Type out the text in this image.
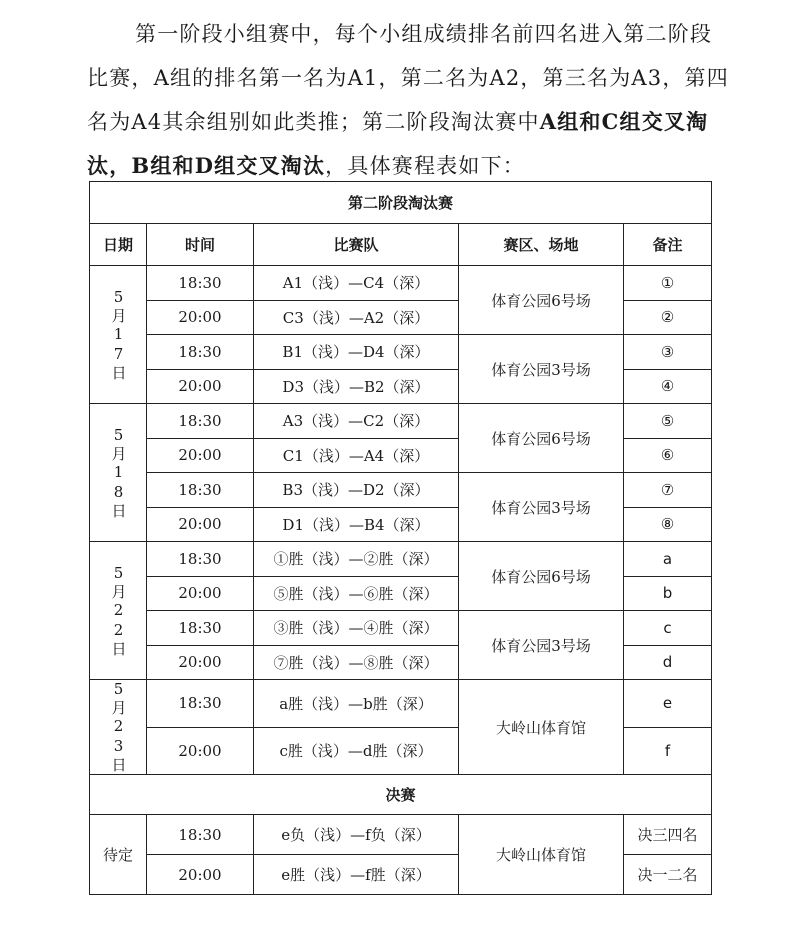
第一阶段小组赛中，每个小组成绩排名前四名进入第二阶段
比赛，A组的排名第一名为A1，第二名为A2，第三名为A3，第四
名为A4其余组别如此类推；第二阶段淘汰赛中A组和C组交叉淘
汰，B组和D组交叉淘汰，具体赛程表如下：
第二阶段淘汰赛				
日期	时间	比赛队	赛区、场地	备注

5月17日	18:30	A1（浅）—C4（深）	体育公园6号场	①
	20:00	C3（浅）—A2（深）		②
	18:30	B1（浅）—D4（深）	体育公园3号场	③
	20:00	D3（浅）—B2（深）		④

5月18日	18:30	A3（浅）—C2（深）	体育公园6号场	⑤
	20:00	C1（浅）—A4（深）		⑥
	18:30	B3（浅）—D2（深）	体育公园3号场	⑦
	20:00	D1（浅）—B4（深）		⑧

5月22日	18:30	①胜（浅）—②胜（深）	体育公园6号场	a
	20:00	⑤胜（浅）—⑥胜（深）		b
	18:30	③胜（浅）—④胜（深）	体育公园3号场	c
	20:00	⑦胜（浅）—⑧胜（深）		d

5月23日	18:30	a胜（浅）—b胜（深）	大岭山体育馆	e
	20:00	c胜（浅）—d胜（深）		f
决赛				
待定	18:30	e负（浅）—f负（深）	大岭山体育馆	决三四名
	20:00	e胜（浅）—f胜（深）		决一二名
